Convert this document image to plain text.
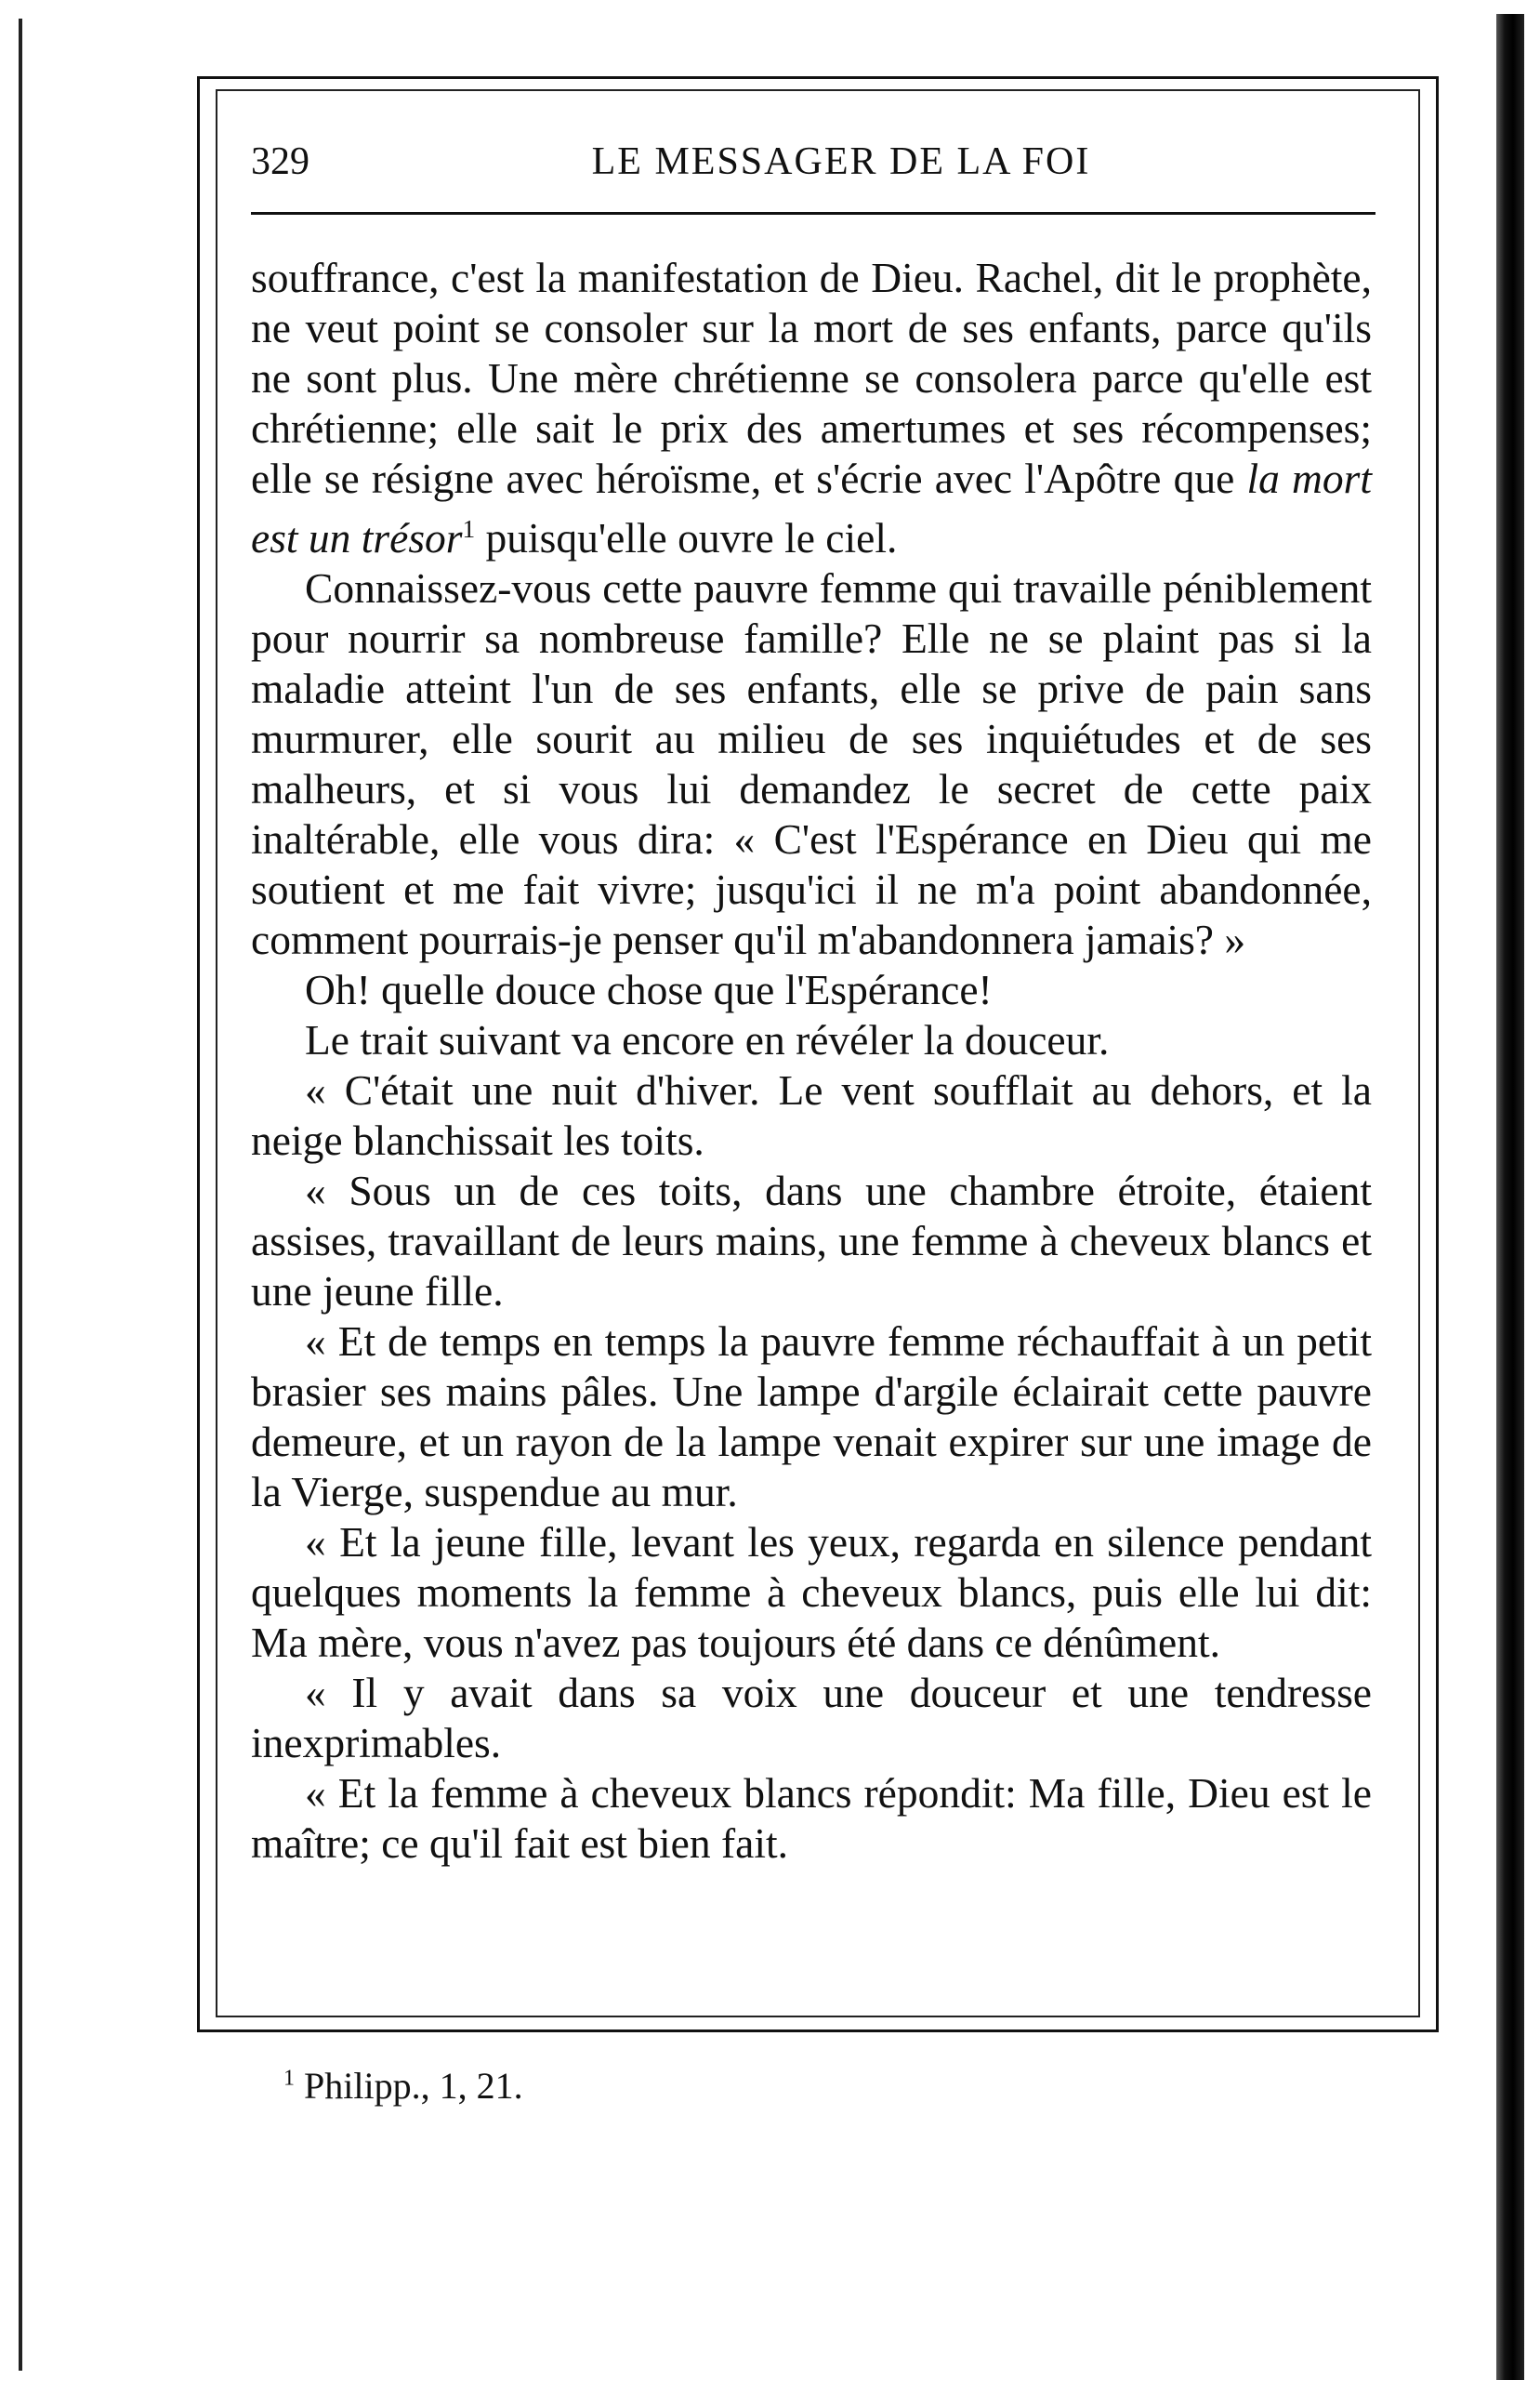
329	LE MESSAGER DE LA FOI

souffrance, c'est la manifestation de Dieu. Rachel, dit le prophète, ne veut point se consoler sur la mort de ses enfants, parce qu'ils ne sont plus. Une mère chrétienne se consolera parce qu'elle est chrétienne; elle sait le prix des amertumes et ses récompenses; elle se résigne avec héroïsme, et s'écrie avec l'Apôtre que la mort est un trésor$^1$ puisqu'elle ouvre le ciel.

Connaissez-vous cette pauvre femme qui travaille péniblement pour nourrir sa nombreuse famille? Elle ne se plaint pas si la maladie atteint l'un de ses enfants, elle se prive de pain sans murmurer, elle sourit au milieu de ses inquiétudes et de ses malheurs, et si vous lui demandez le secret de cette paix inaltérable, elle vous dira: « C'est l'Espérance en Dieu qui me soutient et me fait vivre; jusqu'ici il ne m'a point abandonnée, comment pourrais-je penser qu'il m'abandonnera jamais? »

Oh! quelle douce chose que l'Espérance!

Le trait suivant va encore en révéler la douceur.

« C'était une nuit d'hiver. Le vent soufflait au dehors, et la neige blanchissait les toits.

« Sous un de ces toits, dans une chambre étroite, étaient assises, travaillant de leurs mains, une femme à cheveux blancs et une jeune fille.

« Et de temps en temps la pauvre femme réchauffait à un petit brasier ses mains pâles. Une lampe d'argile éclairait cette pauvre demeure, et un rayon de la lampe venait expirer sur une image de la Vierge, suspendue au mur.

« Et la jeune fille, levant les yeux, regarda en silence pendant quelques moments la femme à cheveux blancs, puis elle lui dit: Ma mère, vous n'avez pas toujours été dans ce dénûment.

« Il y avait dans sa voix une douceur et une tendresse inexprimables.

« Et la femme à cheveux blancs répondit: Ma fille, Dieu est le maître; ce qu'il fait est bien fait.

$^1$ Philipp., 1, 21.
